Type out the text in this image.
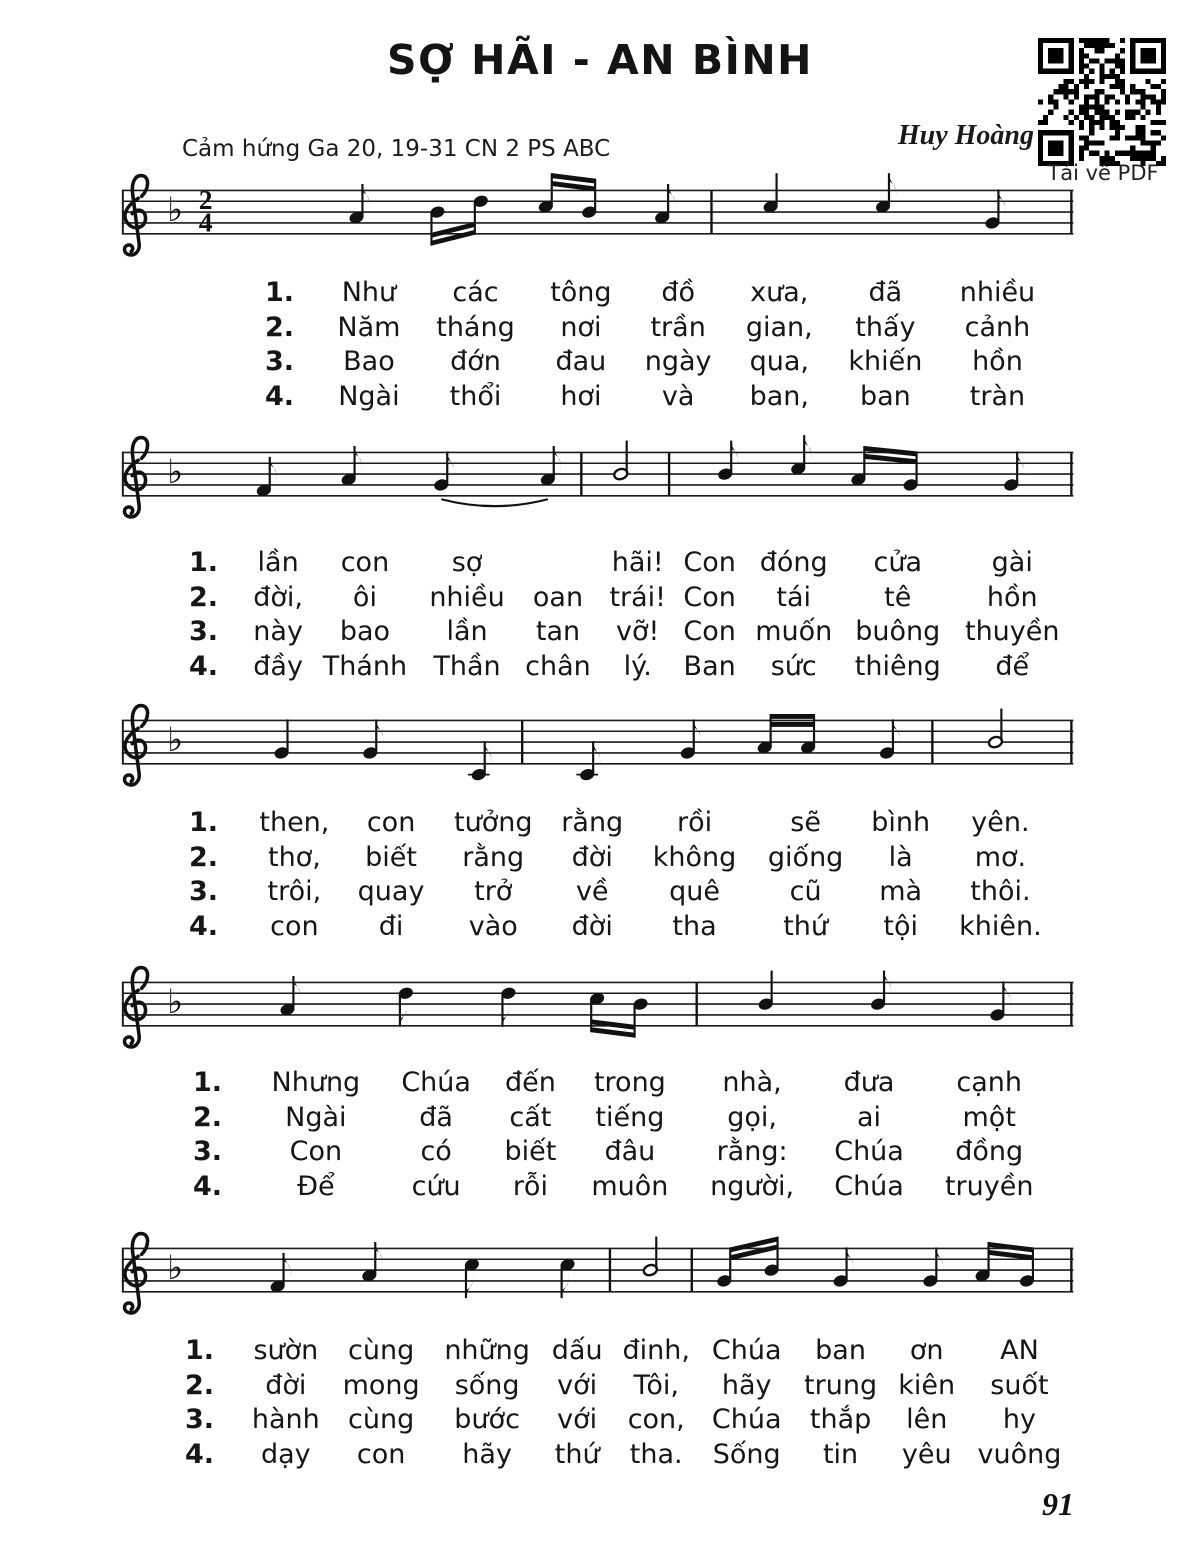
SỢ HÃI - AN BÌNH
Huy Hoàng
Tải về PDF
Cảm hứng Ga 20, 19-31 CN 2 PS ABC
♭ 2
4
1.	Như	các	tông	đồ	xưa,	đã	nhiều
2.	Năm	tháng	nơi	trần	gian,	thấy	cảnh
3.	Bao	đớn	đau	ngày	qua,	khiến	hồn
4.	Ngài	thổi	hơi	và	ban,	ban	tràn
♭
1.	lần	con	sợ		hãi!	Con	đóng	cửa	gài
2.	đời,	ôi	nhiều	oan	trái!	Con	tái	tê	hồn
3.	này	bao	lần	tan	vỡ!	Con	muốn	buông	thuyền
4.	đầy	Thánh	Thần	chân	lý.	Ban	sức	thiêng	để
♭
1.	then,	con	tưởng	rằng	rồi	sẽ	bình	yên.
2.	thơ,	biết	rằng	đời	không	giống	là	mơ.
3.	trôi,	quay	trở	về	quê	cũ	mà	thôi.
4.	con	đi	vào	đời	tha	thứ	tội	khiên.
♭
1.	Nhưng	Chúa	đến	trong	nhà,	đưa	cạnh
2.	Ngài	đã	cất	tiếng	gọi,	ai	một
3.	Con	có	biết	đâu	rằng:	Chúa	đồng
4.	Để	cứu	rỗi	muôn	người,	Chúa	truyền
♭
1.	sườn	cùng	những	dấu	đinh,	Chúa	ban	ơn	AN
2.	đời	mong	sống	với	Tôi,	hãy	trung	kiên	suốt
3.	hành	cùng	bước	với	con,	Chúa	thắp	lên	hy
4.	dạy	con	hãy	thứ	tha.	Sống	tin	yêu	vuông
91
